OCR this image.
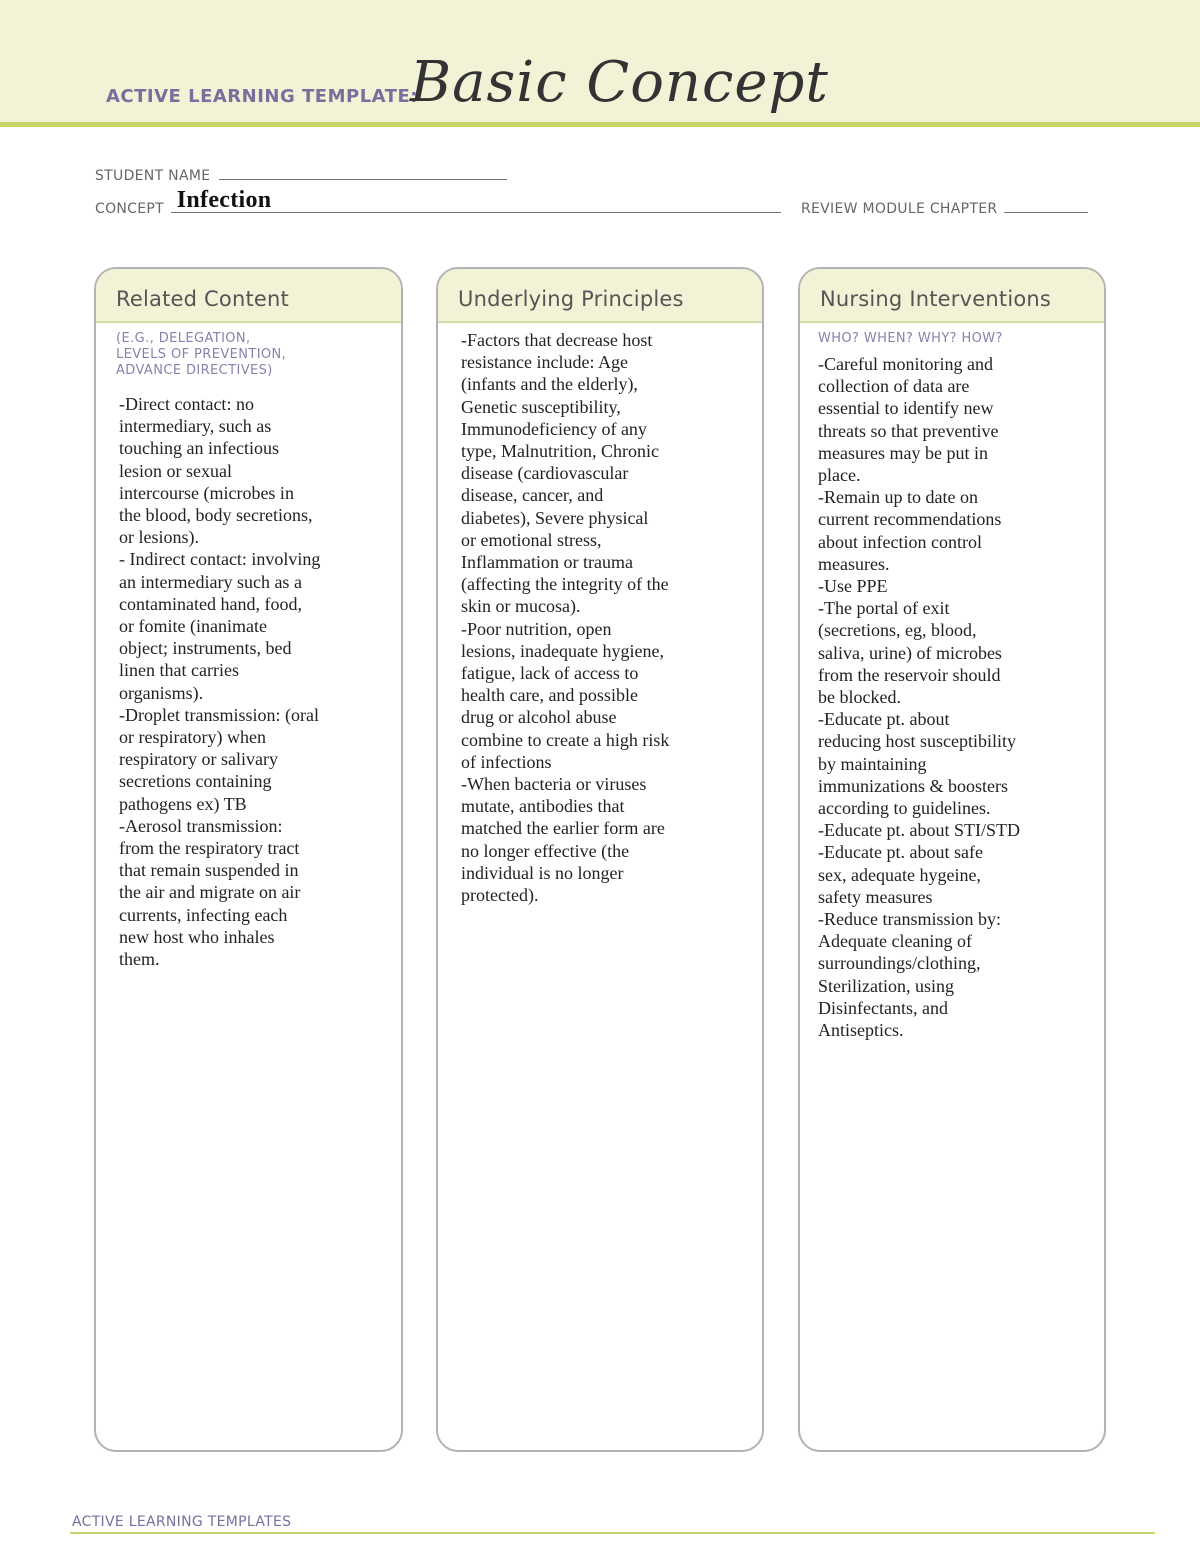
ACTIVE LEARNING TEMPLATE:
Basic Concept
STUDENT NAME
CONCEPT Infection	REVIEW MODULE CHAPTER
Related Content
(E.G., DELEGATION,
LEVELS OF PREVENTION,
ADVANCE DIRECTIVES)
-Direct contact: no
intermediary, such as
touching an infectious
lesion or sexual
intercourse (microbes in
the blood, body secretions,
or lesions).
- Indirect contact: involving
an intermediary such as a
contaminated hand, food,
or fomite (inanimate
object; instruments, bed
linen that carries
organisms).
-Droplet transmission: (oral
or respiratory) when
respiratory or salivary
secretions containing
pathogens ex) TB
-Aerosol transmission:
from the respiratory tract
that remain suspended in
the air and migrate on air
currents, infecting each
new host who inhales
them.
Underlying Principles
-Factors that decrease host
resistance include: Age
(infants and the elderly),
Genetic susceptibility,
Immunodeficiency of any
type, Malnutrition, Chronic
disease (cardiovascular
disease, cancer, and
diabetes), Severe physical
or emotional stress,
Inflammation or trauma
(affecting the integrity of the
skin or mucosa).
-Poor nutrition, open
lesions, inadequate hygiene,
fatigue, lack of access to
health care, and possible
drug or alcohol abuse
combine to create a high risk
of infections
-When bacteria or viruses
mutate, antibodies that
matched the earlier form are
no longer effective (the
individual is no longer
protected).
Nursing Interventions
WHO? WHEN? WHY? HOW?
-Careful monitoring and
collection of data are
essential to identify new
threats so that preventive
measures may be put in
place.
-Remain up to date on
current recommendations
about infection control
measures.
-Use PPE
-The portal of exit
(secretions, eg, blood,
saliva, urine) of microbes
from the reservoir should
be blocked.
-Educate pt. about
reducing host susceptibility
by maintaining
immunizations & boosters
according to guidelines.
-Educate pt. about STI/STD
-Educate pt. about safe
sex, adequate hygeine,
safety measures
-Reduce transmission by:
Adequate cleaning of
surroundings/clothing,
Sterilization, using
Disinfectants, and
Antiseptics.
ACTIVE LEARNING TEMPLATES
